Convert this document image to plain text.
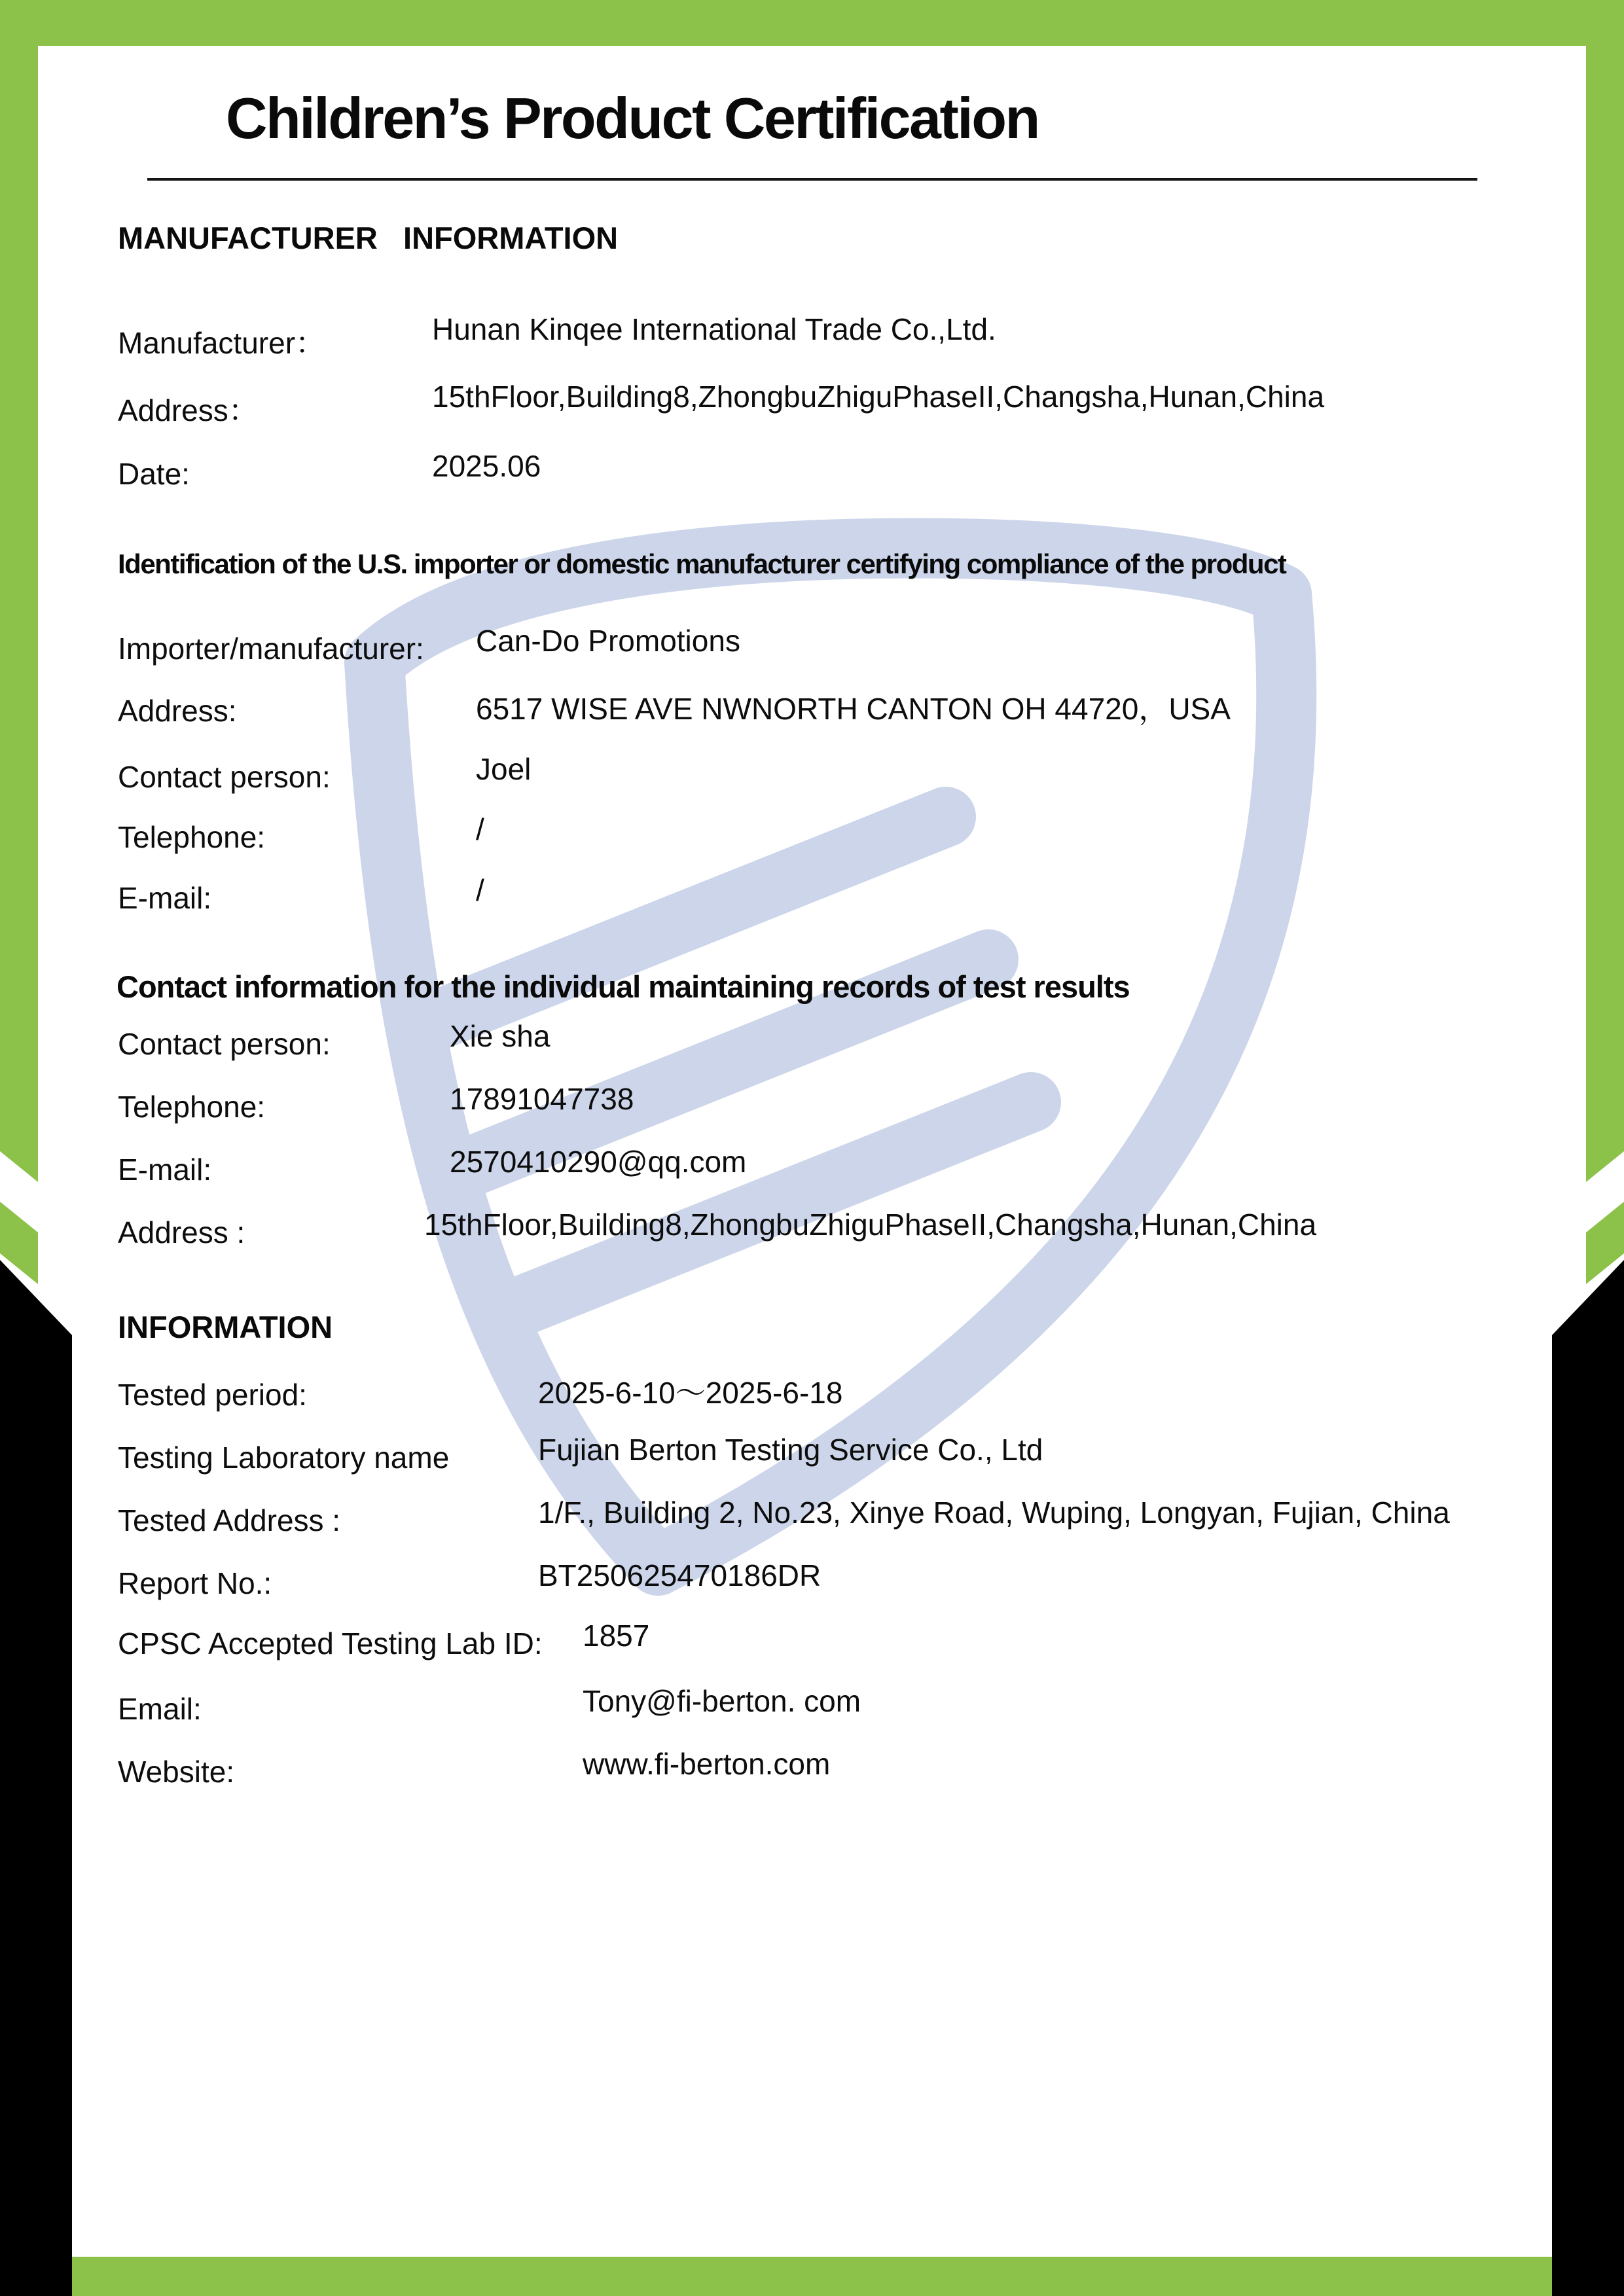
Children’s Product Certification
MANUFACTURER   INFORMATION
Manufacturer：	Hunan Kinqee International Trade Co.,Ltd.
Address：	15thFloor,Building8,ZhongbuZhiguPhaseII,Changsha,Hunan,China
Date:	2025.06
Identification of the U.S. importer or domestic manufacturer certifying compliance of the product
Importer/manufacturer: Can-Do Promotions
Address:	6517 WISE AVE NWNORTH CANTON OH 44720，USA
Contact person:	Joel
Telephone:	/
E-mail:	/
Contact information for the individual maintaining records of test results
Contact person:	Xie sha
Telephone:	17891047738
E-mail:	2570410290@qq.com
Address :	15thFloor,Building8,ZhongbuZhiguPhaseII,Changsha,Hunan,China
INFORMATION
Tested period:	2025-6-10～2025-6-18
Testing Laboratory name	Fujian Berton Testing Service Co., Ltd
Tested Address :	1/F., Building 2, No.23, Xinye Road, Wuping, Longyan, Fujian, China
Report No.:	BT250625470186DR
CPSC Accepted Testing Lab ID: 1857
Email:	Tony@fi-berton. com
Website:	www.fi-berton.com
